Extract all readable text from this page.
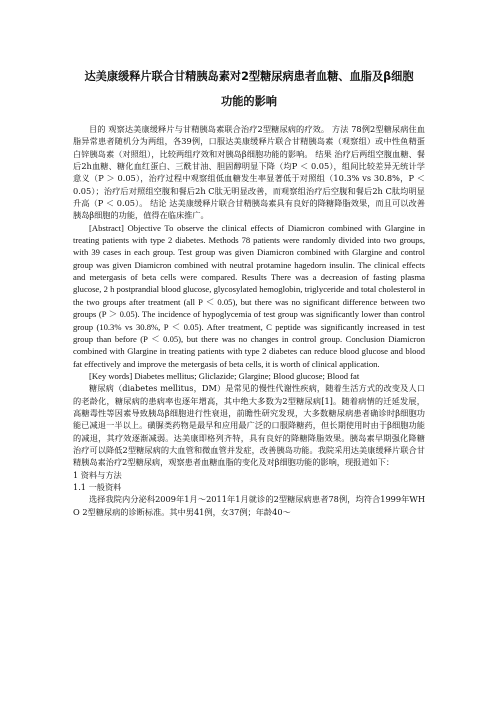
达美康缓释片联合甘精胰岛素对2型糖尿病患者血糖、血脂及β细胞
功能的影响

目的 观察达美康缓释片与甘精胰岛素联合治疗2型糖尿病的疗效。 方法 78例2型糖尿病住血脂异常患者随机分为两组，各39例，口服达美康缓释片联合甘精胰岛素（观察组）或中性鱼精蛋白锌胰岛素（对照组），比较两组疗效和对胰岛β细胞功能的影响。 结果 治疗后两组空腹血糖、餐后2h血糖、糖化血红蛋白、三酰甘油、胆固醇明显下降（均P ＜ 0.05），组间比较差异无统计学意义（P ＞ 0.05），治疗过程中观察组低血糖发生率显著低于对照组（10.3% vs 30.8%，P ＜ 0.05）；治疗后对照组空腹和餐后2h C肽无明显改善，而观察组治疗后空腹和餐后2h C肽均明显升高（P ＜ 0.05）。 结论 达美康缓释片联合甘精胰岛素具有良好的降糖降脂效果，而且可以改善胰岛β细胞的功能，值得在临床推广。

[Abstract] Objective To observe the clinical effects of Diamicron combined with Glargine in treating patients with type 2 diabetes. Methods 78 patients were randomly divided into two groups, with 39 cases in each group. Test group was given Diamicron combined with Glargine and control group was given Diamicron combined with neutral protamine hagedorn insulin. The clinical effects and metergasis of beta cells were compared. Results There was a decreasion of fasting plasma glucose, 2 h postprandial blood glucose, glycosylated hemoglobin, triglyceride and total cholesterol in the two groups after treatment (all P ＜ 0.05), but there was no significant difference between two groups (P ＞ 0.05). The incidence of hypoglycemia of test group was significantly lower than control group (10.3% vs 30.8%, P ＜ 0.05). After treatment, C peptide was significantly increased in test group than before (P ＜ 0.05), but there was no changes in control group. Conclusion Diamicron combined with Glargine in treating patients with type 2 diabetes can reduce blood glucose and blood fat effectively and improve the metergasis of beta cells, it is worth of clinical application.

[Key words] Diabetes mellitus; Gliclazide; Glargine; Blood glucose; Blood fat

糖尿病（diabetes mellitus，DM）是常见的慢性代谢性疾病，随着生活方式的改变及人口的老龄化，糖尿病的患病率也逐年增高，其中绝大多数为2型糖尿病[1]。随着病情的迁延发展，高糖毒性等因素导致胰岛β细胞进行性衰退，前瞻性研究发现，大多数糖尿病患者确诊时β细胞功能已减退一半以上。磺脲类药物是最早和应用最广泛的口服降糖药，但长期使用时由于β细胞功能的减退，其疗效逐渐减弱。达美康即格列齐特，具有良好的降糖降脂效果。胰岛素早期强化降糖治疗可以降低2型糖尿病的大血管和微血管并发症，改善胰岛功能。我院采用达美康缓释片联合甘精胰岛素治疗2型糖尿病，观察患者血糖血脂的变化及对β细胞功能的影响，现报道如下：

1 资料与方法

1.1 一般资料

选择我院内分泌科2009年1月～2011年1月就诊的2型糖尿病患者78例，均符合1999年WHO 2型糖尿病的诊断标准。其中男41例，女37例；年龄40～
